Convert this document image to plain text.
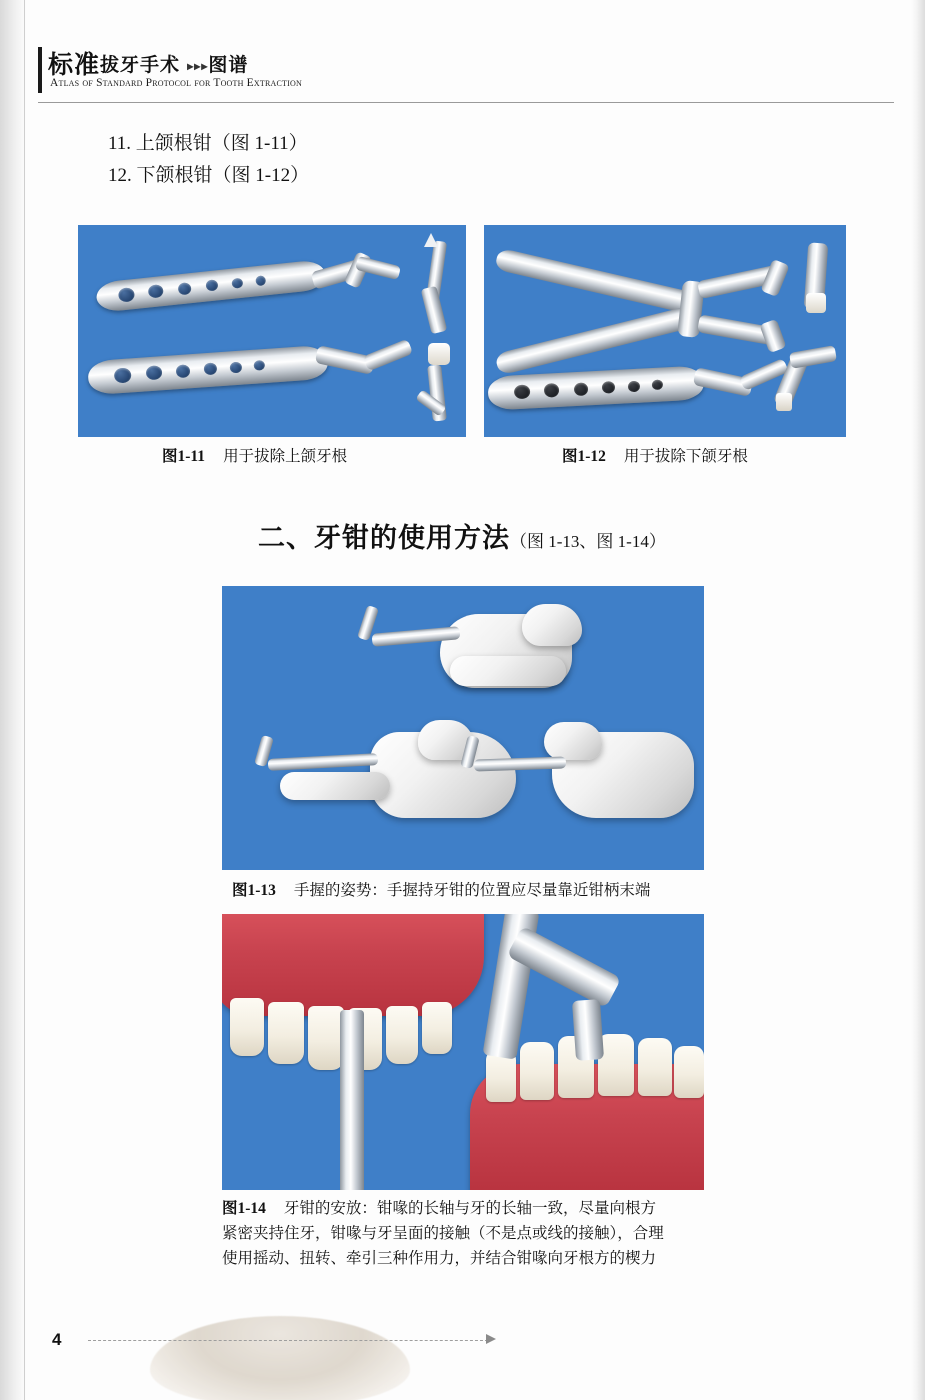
标准拔牙手术 ▸▸▸图谱
Atlas of Standard Protocol for Tooth Extraction
11. 上颌根钳（图 1-11）
12. 下颌根钳（图 1-12）
图1-11 用于拔除上颌牙根	图1-12 用于拔除下颌牙根
二、牙钳的使用方法（图 1-13、图 1-14）
图1-13 手握的姿势：手握持牙钳的位置应尽量靠近钳柄末端
图1-14 牙钳的安放：钳喙的长轴与牙的长轴一致，尽量向根方
紧密夹持住牙，钳喙与牙呈面的接触（不是点或线的接触），合理
使用摇动、扭转、牵引三种作用力，并结合钳喙向牙根方的楔力
4
